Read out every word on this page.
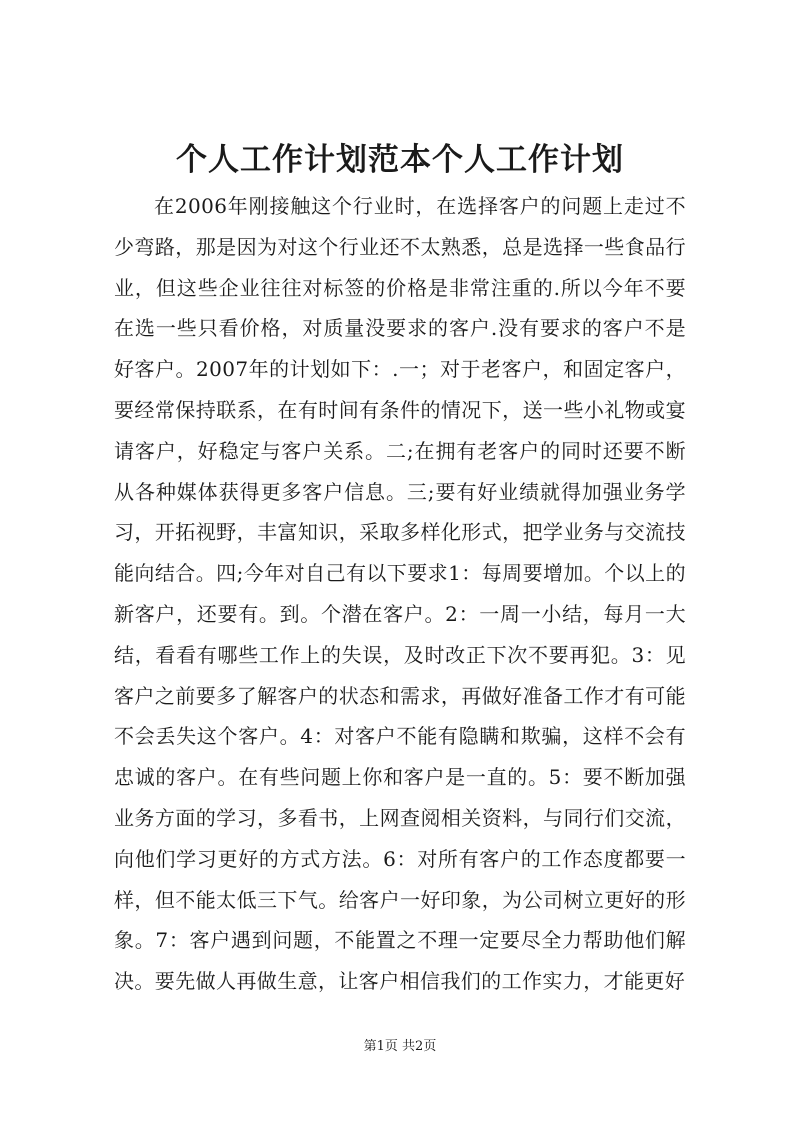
个人工作计划范本个人工作计划

在2006年刚接触这个行业时，在选择客户的问题上走过不少弯路，那是因为对这个行业还不太熟悉，总是选择一些食品行业，但这些企业往往对标签的价格是非常注重的.所以今年不要在选一些只看价格，对质量没要求的客户.没有要求的客户不是好客户。2007年的计划如下：.一；对于老客户，和固定客户，要经常保持联系，在有时间有条件的情况下，送一些小礼物或宴请客户，好稳定与客户关系。二;在拥有老客户的同时还要不断从各种媒体获得更多客户信息。三;要有好业绩就得加强业务学习，开拓视野，丰富知识，采取多样化形式，把学业务与交流技能向结合。四;今年对自己有以下要求1：每周要增加。个以上的新客户，还要有。到。个潜在客户。2：一周一小结，每月一大结，看看有哪些工作上的失误，及时改正下次不要再犯。3：见客户之前要多了解客户的状态和需求，再做好准备工作才有可能不会丢失这个客户。4：对客户不能有隐瞒和欺骗，这样不会有忠诚的客户。在有些问题上你和客户是一直的。5：要不断加强业务方面的学习，多看书，上网查阅相关资料，与同行们交流，向他们学习更好的方式方法。6：对所有客户的工作态度都要一样，但不能太低三下气。给客户一好印象，为公司树立更好的形象。7：客户遇到问题，不能置之不理一定要尽全力帮助他们解决。要先做人再做生意，让客户相信我们的工作实力，才能更好

第1页 共2页
